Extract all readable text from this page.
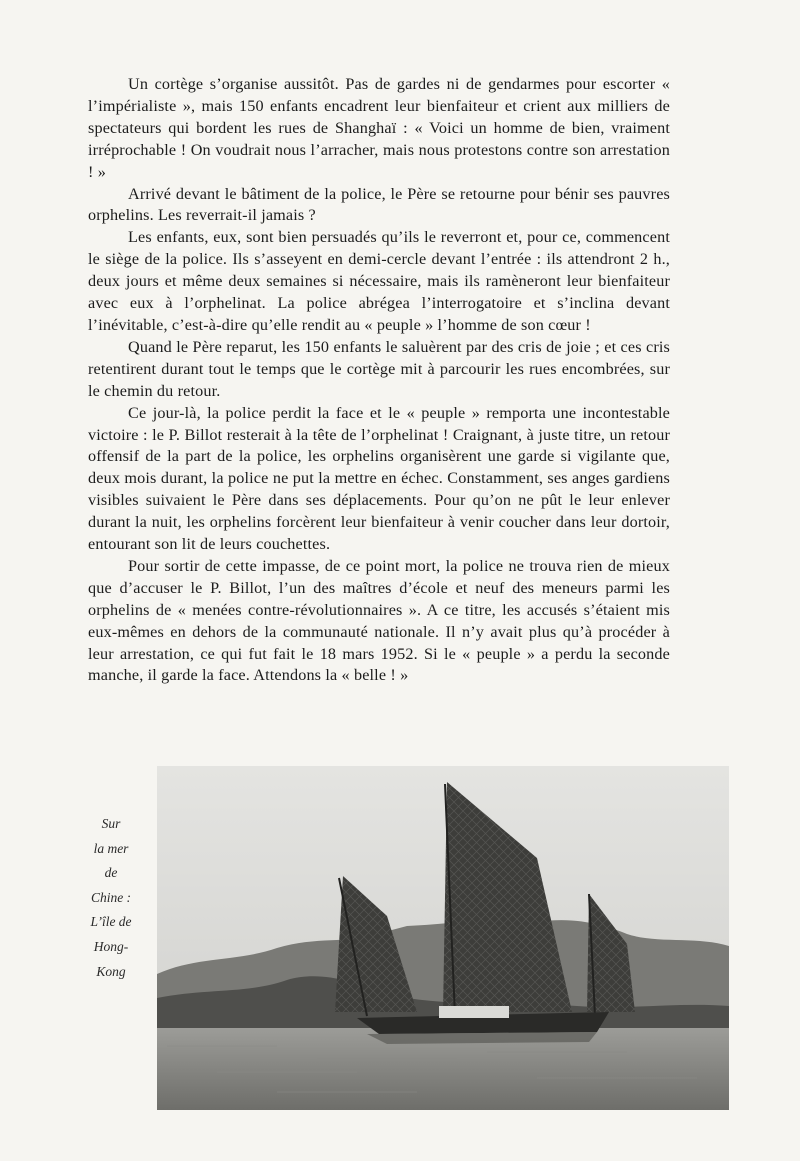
Un cortège s’organise aussitôt. Pas de gardes ni de gendarmes pour escorter « l’impérialiste », mais 150 enfants encadrent leur bienfaiteur et crient aux milliers de spectateurs qui bordent les rues de Shanghaï : « Voici un homme de bien, vraiment irréprochable ! On voudrait nous l’arracher, mais nous protestons contre son arrestation ! »

Arrivé devant le bâtiment de la police, le Père se retourne pour bénir ses pauvres orphelins. Les reverrait-il jamais ?

Les enfants, eux, sont bien persuadés qu’ils le reverront et, pour ce, commencent le siège de la police. Ils s’asseyent en demi-cercle devant l’entrée : ils attendront 2 h., deux jours et même deux semaines si nécessaire, mais ils ramèneront leur bienfaiteur avec eux à l’orphelinat. La police abrégea l’interrogatoire et s’inclina devant l’inévitable, c’est-à-dire qu’elle rendit au « peuple » l’homme de son cœur !

Quand le Père reparut, les 150 enfants le saluèrent par des cris de joie ; et ces cris retentirent durant tout le temps que le cortège mit à parcourir les rues encombrées, sur le chemin du retour.

Ce jour-là, la police perdit la face et le « peuple » remporta une incontestable victoire : le P. Billot resterait à la tête de l’orphelinat ! Craignant, à juste titre, un retour offensif de la part de la police, les orphelins organisèrent une garde si vigilante que, deux mois durant, la police ne put la mettre en échec. Constamment, ses anges gardiens visibles suivaient le Père dans ses déplacements. Pour qu’on ne pût le leur enlever durant la nuit, les orphelins forcèrent leur bienfaiteur à venir coucher dans leur dortoir, entourant son lit de leurs couchettes.

Pour sortir de cette impasse, de ce point mort, la police ne trouva rien de mieux que d’accuser le P. Billot, l’un des maîtres d’école et neuf des meneurs parmi les orphelins de « menées contre-révolutionnaires ». A ce titre, les accusés s’étaient mis eux-mêmes en dehors de la communauté nationale. Il n’y avait plus qu’à procéder à leur arrestation, ce qui fut fait le 18 mars 1952. Si le « peuple » a perdu la seconde manche, il garde la face. Attendons la « belle ! »

Sur
la mer
de
Chine :
L’île de
Hong-
Kong
